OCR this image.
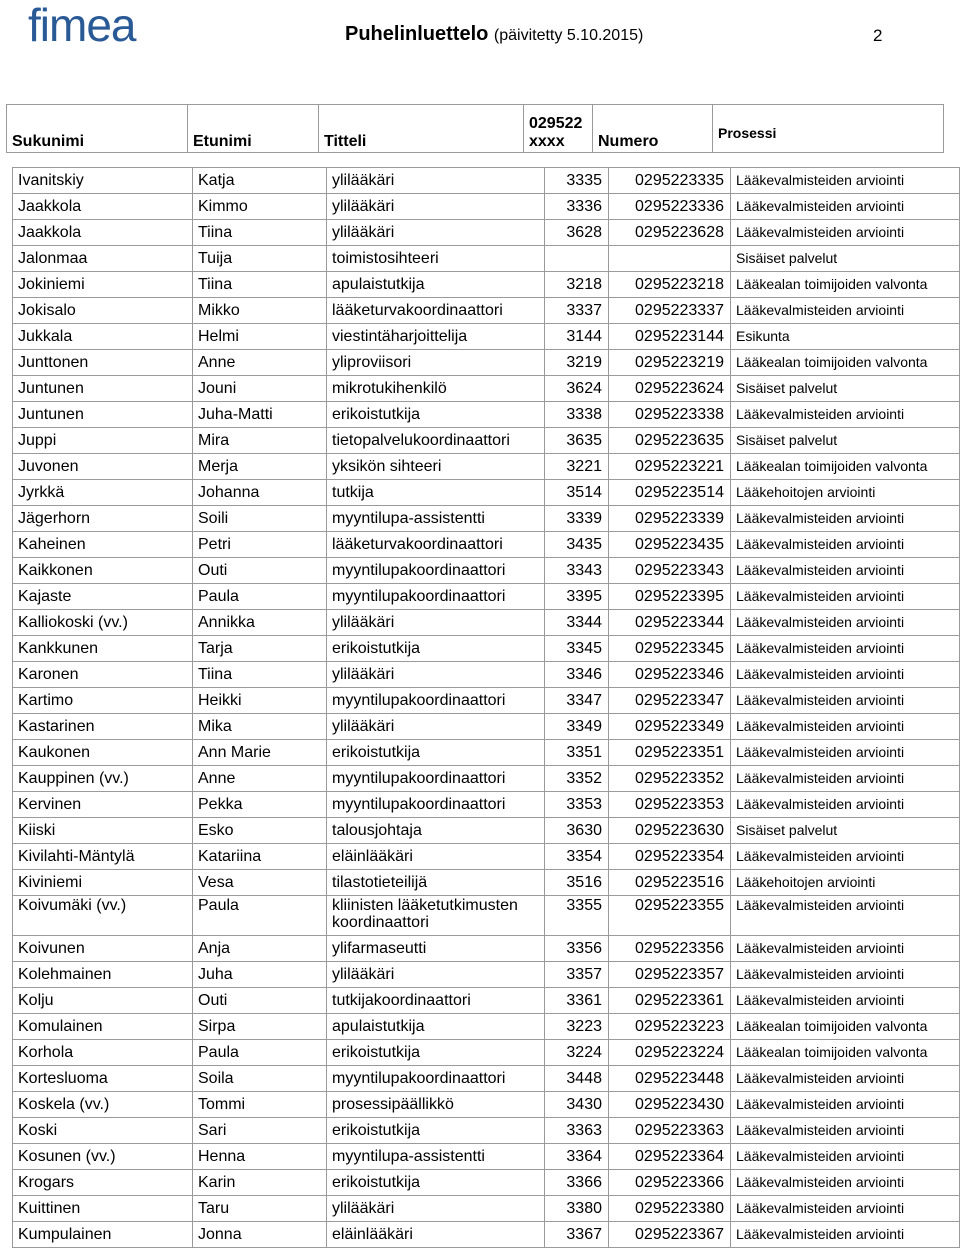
fimea	Puhelinluettelo (päivitetty 5.10.2015)	2
Sukunimi	Etunimi	Titteli	029522
xxxx	Numero	Prosessi
Ivanitskiy	Katja	ylilääkäri	3335	0295223335	Lääkevalmisteiden arviointi
Jaakkola	Kimmo	ylilääkäri	3336	0295223336	Lääkevalmisteiden arviointi
Jaakkola	Tiina	ylilääkäri	3628	0295223628	Lääkevalmisteiden arviointi
Jalonmaa	Tuija	toimistosihteeri			Sisäiset palvelut
Jokiniemi	Tiina	apulaistutkija	3218	0295223218	Lääkealan toimijoiden valvonta
Jokisalo	Mikko	lääketurvakoordinaattori	3337	0295223337	Lääkevalmisteiden arviointi
Jukkala	Helmi	viestintäharjoittelija	3144	0295223144	Esikunta
Junttonen	Anne	yliproviisori	3219	0295223219	Lääkealan toimijoiden valvonta
Juntunen	Jouni	mikrotukihenkilö	3624	0295223624	Sisäiset palvelut
Juntunen	Juha-Matti	erikoistutkija	3338	0295223338	Lääkevalmisteiden arviointi
Juppi	Mira	tietopalvelukoordinaattori	3635	0295223635	Sisäiset palvelut
Juvonen	Merja	yksikön sihteeri	3221	0295223221	Lääkealan toimijoiden valvonta
Jyrkkä	Johanna	tutkija	3514	0295223514	Lääkehoitojen arviointi
Jägerhorn	Soili	myyntilupa-assistentti	3339	0295223339	Lääkevalmisteiden arviointi
Kaheinen	Petri	lääketurvakoordinaattori	3435	0295223435	Lääkevalmisteiden arviointi
Kaikkonen	Outi	myyntilupakoordinaattori	3343	0295223343	Lääkevalmisteiden arviointi
Kajaste	Paula	myyntilupakoordinaattori	3395	0295223395	Lääkevalmisteiden arviointi
Kalliokoski (vv.)	Annikka	ylilääkäri	3344	0295223344	Lääkevalmisteiden arviointi
Kankkunen	Tarja	erikoistutkija	3345	0295223345	Lääkevalmisteiden arviointi
Karonen	Tiina	ylilääkäri	3346	0295223346	Lääkevalmisteiden arviointi
Kartimo	Heikki	myyntilupakoordinaattori	3347	0295223347	Lääkevalmisteiden arviointi
Kastarinen	Mika	ylilääkäri	3349	0295223349	Lääkevalmisteiden arviointi
Kaukonen	Ann Marie	erikoistutkija	3351	0295223351	Lääkevalmisteiden arviointi
Kauppinen (vv.)	Anne	myyntilupakoordinaattori	3352	0295223352	Lääkevalmisteiden arviointi
Kervinen	Pekka	myyntilupakoordinaattori	3353	0295223353	Lääkevalmisteiden arviointi
Kiiski	Esko	talousjohtaja	3630	0295223630	Sisäiset palvelut
Kivilahti-Mäntylä	Katariina	eläinlääkäri	3354	0295223354	Lääkevalmisteiden arviointi
Kiviniemi	Vesa	tilastotieteilijä	3516	0295223516	Lääkehoitojen arviointi
Koivumäki (vv.)	Paula	kliinisten lääketutkimusten koordinaattori	3355	0295223355	Lääkevalmisteiden arviointi
Koivunen	Anja	ylifarmaseutti	3356	0295223356	Lääkevalmisteiden arviointi
Kolehmainen	Juha	ylilääkäri	3357	0295223357	Lääkevalmisteiden arviointi
Kolju	Outi	tutkijakoordinaattori	3361	0295223361	Lääkevalmisteiden arviointi
Komulainen	Sirpa	apulaistutkija	3223	0295223223	Lääkealan toimijoiden valvonta
Korhola	Paula	erikoistutkija	3224	0295223224	Lääkealan toimijoiden valvonta
Kortesluoma	Soila	myyntilupakoordinaattori	3448	0295223448	Lääkevalmisteiden arviointi
Koskela (vv.)	Tommi	prosessipäällikkö	3430	0295223430	Lääkevalmisteiden arviointi
Koski	Sari	erikoistutkija	3363	0295223363	Lääkevalmisteiden arviointi
Kosunen (vv.)	Henna	myyntilupa-assistentti	3364	0295223364	Lääkevalmisteiden arviointi
Krogars	Karin	erikoistutkija	3366	0295223366	Lääkevalmisteiden arviointi
Kuittinen	Taru	ylilääkäri	3380	0295223380	Lääkevalmisteiden arviointi
Kumpulainen	Jonna	eläinlääkäri	3367	0295223367	Lääkevalmisteiden arviointi
